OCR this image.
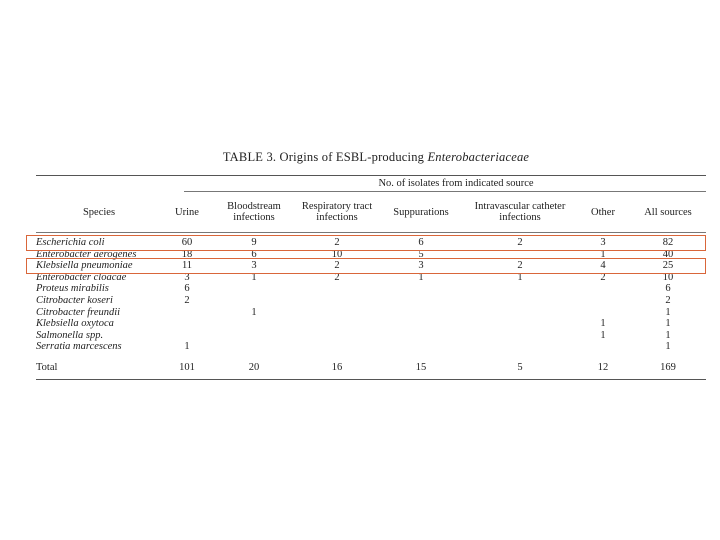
TABLE 3. Origins of ESBL-producing Enterobacteriaceae
No. of isolates from indicated source
Species	Urine	Bloodstream infections	Respiratory tract infections	Suppurations	Intravascular catheter infections	Other	All sources

Escherichia coli	60	9	2	6	2	3	82
Enterobacter aerogenes	18	6	10	5		1	40
Klebsiella pneumoniae	11	3	2	3	2	4	25
Enterobacter cloacae	3	1	2	1	1	2	10
Proteus mirabilis	6						6
Citrobacter koseri	2						2
Citrobacter freundii		1					1
Klebsiella oxytoca						1	1
Salmonella spp.						1	1
Serratia marcescens	1						1

Total	101	20	16	15	5	12	169
